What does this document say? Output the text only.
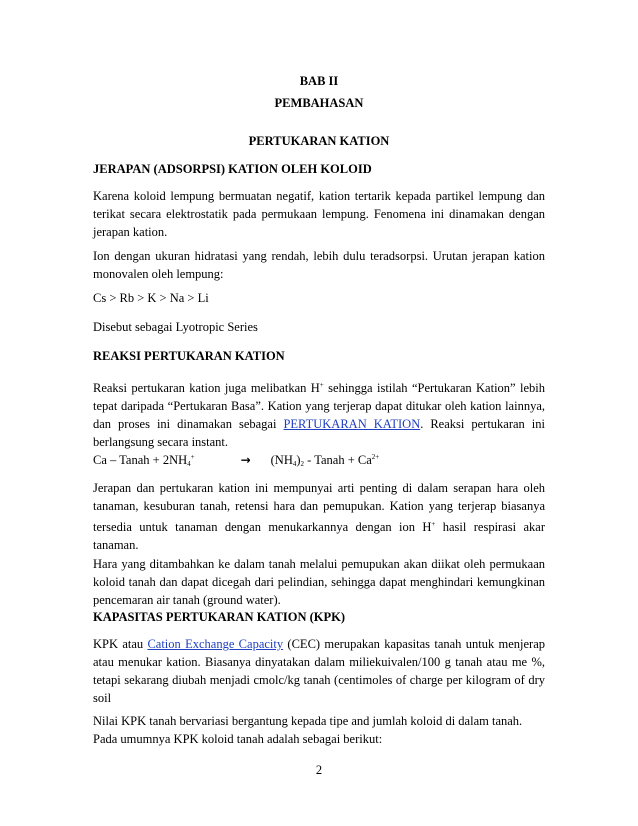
BAB II
PEMBAHASAN
PERTUKARAN KATION
JERAPAN (ADSORPSI) KATION OLEH KOLOID

Karena koloid lempung bermuatan negatif, kation tertarik kepada partikel lempung dan terikat secara elektrostatik pada permukaan lempung. Fenomena ini dinamakan dengan jerapan kation.

Ion dengan ukuran hidratasi yang rendah, lebih dulu teradsorpsi. Urutan jerapan kation monovalen oleh lempung:

Cs > Rb > K > Na > Li
Disebut sebagai Lyotropic Series
REAKSI PERTUKARAN KATION

Reaksi pertukaran kation juga melibatkan H+ sehingga istilah “Pertukaran Kation” lebih tepat daripada “Pertukaran Basa”. Kation yang terjerap dapat ditukar oleh kation lainnya, dan proses ini dinamakan sebagai PERTUKARAN KATION. Reaksi pertukaran ini berlangsung secara instant.

Ca – Tanah + $2NH_4^+$	→ $(NH_4)_2$ - Tanah + $Ca^{2+}$

Jerapan dan pertukaran kation ini mempunyai arti penting di dalam serapan hara oleh tanaman, kesuburan tanah, retensi hara dan pemupukan. Kation yang terjerap biasanya tersedia untuk tanaman dengan menukarkannya dengan ion H+ hasil respirasi akar tanaman.

Hara yang ditambahkan ke dalam tanah melalui pemupukan akan diikat oleh permukaan koloid tanah dan dapat dicegah dari pelindian, sehingga dapat menghindari kemungkinan pencemaran air tanah (ground water).

KAPASITAS PERTUKARAN KATION (KPK)

KPK atau Cation Exchange Capacity (CEC) merupakan kapasitas tanah untuk menjerap atau menukar kation. Biasanya dinyatakan dalam miliekuivalen/100 g tanah atau me %, tetapi sekarang diubah menjadi cmolc/kg tanah (centimoles of charge per kilogram of dry soil

Nilai KPK tanah bervariasi bergantung kepada tipe and jumlah koloid di dalam tanah.
Pada umumnya KPK koloid tanah adalah sebagai berikut:
2
